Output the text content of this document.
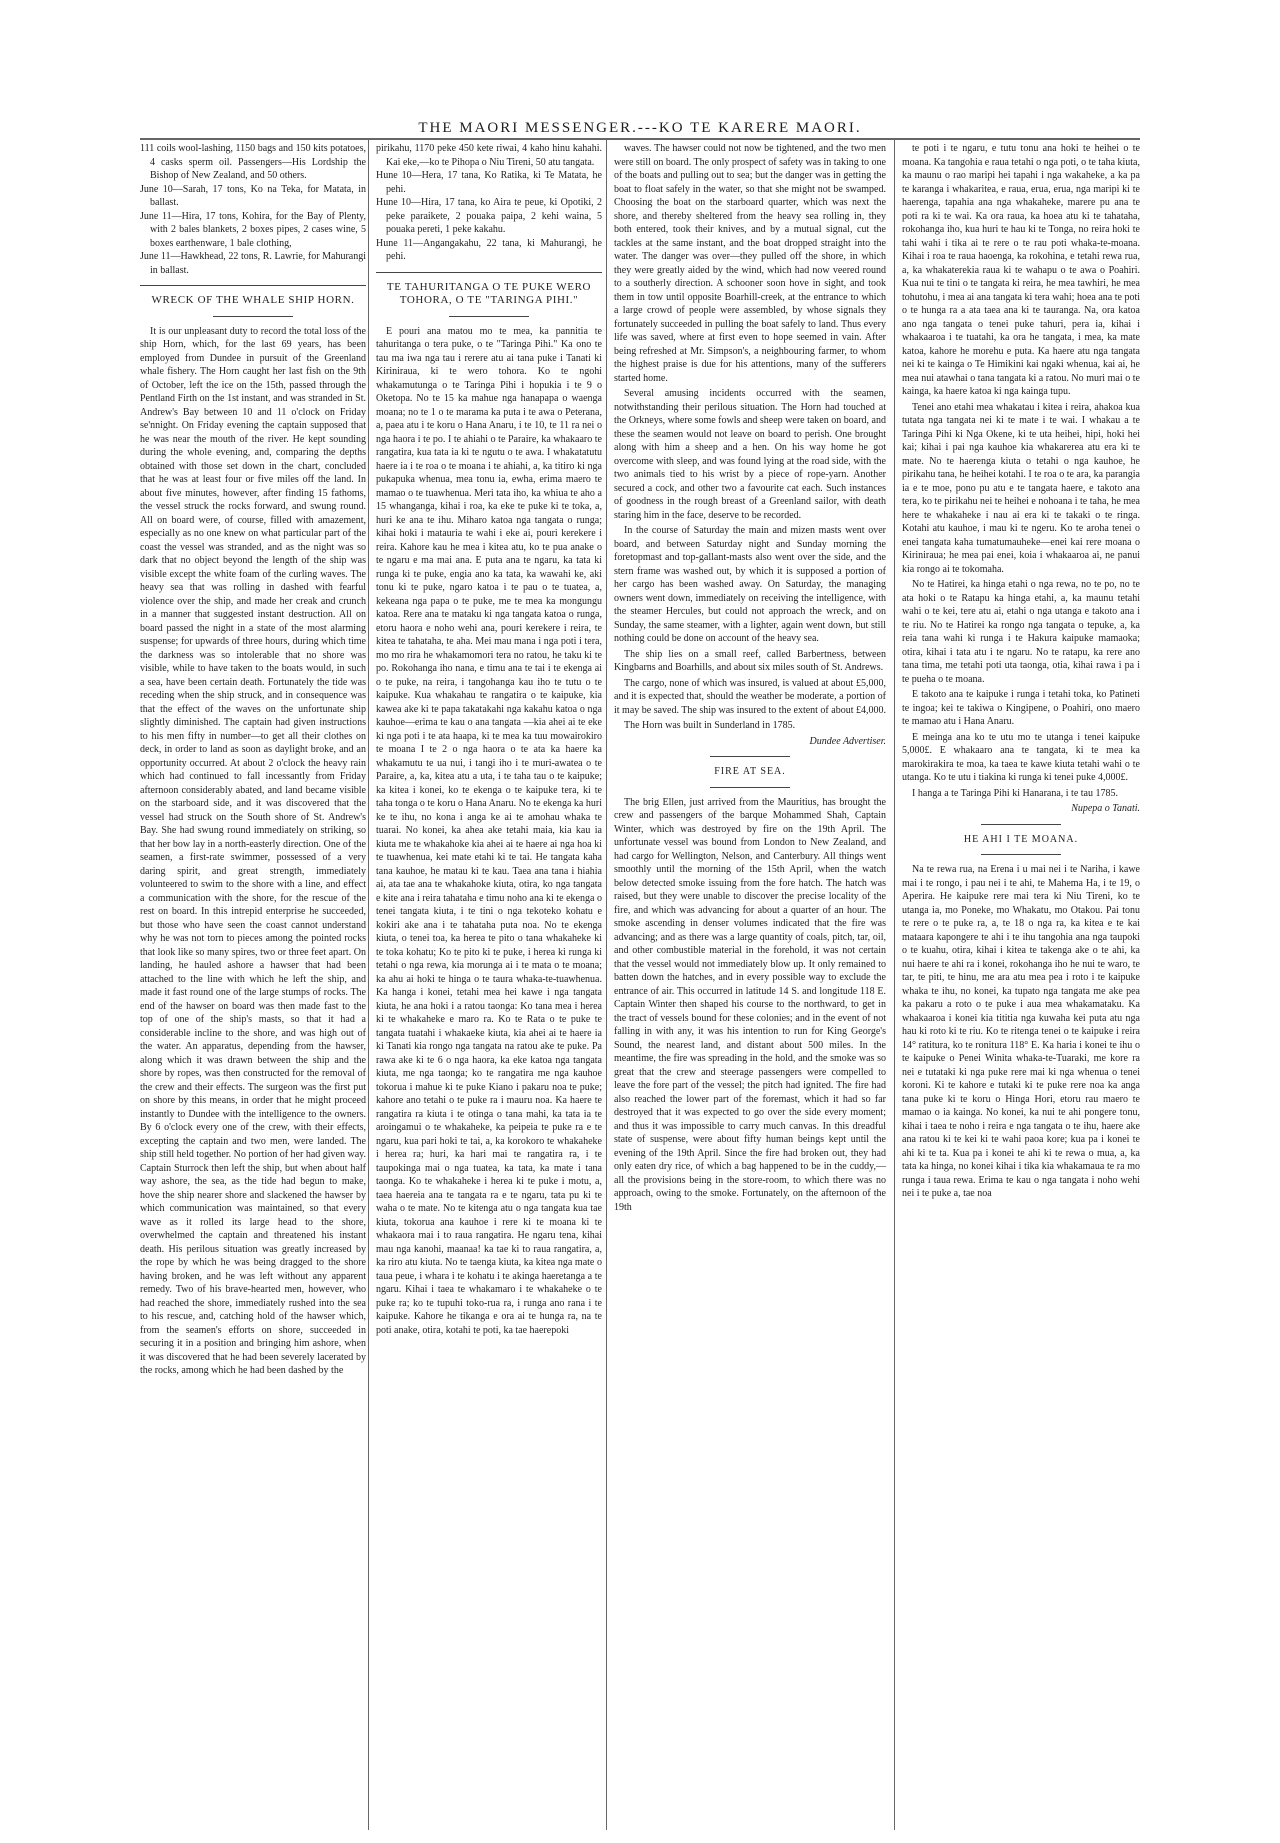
THE MAORI MESSENGER.---KO TE KARERE MAORI.

111 coils wool-lashing, 1150 bags and 150 kits potatoes, 4 casks sperm oil. Passengers—His Lordship the Bishop of New Zealand, and 50 others.

June 10—Sarah, 17 tons, Ko na Teka, for Matata, in ballast.

June 11—Hira, 17 tons, Kohira, for the Bay of Plenty, with 2 bales blankets, 2 boxes pipes, 2 cases wine, 5 boxes earthenware, 1 bale clothing,

June 11—Hawkhead, 22 tons, R. Lawrie, for Mahurangi in ballast.

WRECK OF THE WHALE SHIP HORN.

It is our unpleasant duty to record the total loss of the ship Horn, which, for the last 69 years, has been employed from Dundee in pursuit of the Greenland whale fishery. The Horn caught her last fish on the 9th of October, left the ice on the 15th, passed through the Pentland Firth on the 1st instant, and was stranded in St. Andrew's Bay between 10 and 11 o'clock on Friday se'nnight. On Friday evening the captain supposed that he was near the mouth of the river. He kept sounding during the whole evening, and, comparing the depths obtained with those set down in the chart, concluded that he was at least four or five miles off the land. In about five minutes, however, after finding 15 fathoms, the vessel struck the rocks forward, and swung round. All on board were, of course, filled with amazement, especially as no one knew on what particular part of the coast the vessel was stranded, and as the night was so dark that no object beyond the length of the ship was visible except the white foam of the curling waves. The heavy sea that was rolling in dashed with fearful violence over the ship, and made her creak and crunch in a manner that suggested instant destruction. All on board passed the night in a state of the most alarming suspense; for upwards of three hours, during which time the darkness was so intolerable that no shore was visible, while to have taken to the boats would, in such a sea, have been certain death. Fortunately the tide was receding when the ship struck, and in consequence was that the effect of the waves on the unfortunate ship slightly diminished. The captain had given instructions to his men fifty in number—to get all their clothes on deck, in order to land as soon as daylight broke, and an opportunity occurred. At about 2 o'clock the heavy rain which had continued to fall incessantly from Friday afternoon considerably abated, and land became visible on the starboard side, and it was discovered that the vessel had struck on the South shore of St. Andrew's Bay. She had swung round immediately on striking, so that her bow lay in a north-easterly direction. One of the seamen, a first-rate swimmer, possessed of a very daring spirit, and great strength, immediately volunteered to swim to the shore with a line, and effect a communication with the shore, for the rescue of the rest on board. In this intrepid enterprise he succeeded, but those who have seen the coast cannot understand why he was not torn to pieces among the pointed rocks that look like so many spires, two or three feet apart. On landing, he hauled ashore a hawser that had been attached to the line with which he left the ship, and made it fast round one of the large stumps of rocks. The end of the hawser on board was then made fast to the top of one of the ship's masts, so that it had a considerable incline to the shore, and was high out of the water. An apparatus, depending from the hawser, along which it was drawn between the ship and the shore by ropes, was then constructed for the removal of the crew and their effects. The surgeon was the first put on shore by this means, in order that he might proceed instantly to Dundee with the intelligence to the owners. By 6 o'clock every one of the crew, with their effects, excepting the captain and two men, were landed. The ship still held together. No portion of her had given way. Captain Sturrock then left the ship, but when about half way ashore, the sea, as the tide had begun to make, hove the ship nearer shore and slackened the hawser by which communication was maintained, so that every wave as it rolled its large head to the shore, overwhelmed the captain and threatened his instant death. His perilous situation was greatly increased by the rope by which he was being dragged to the shore having broken, and he was left without any apparent remedy. Two of his brave-hearted men, however, who had reached the shore, immediately rushed into the sea to his rescue, and, catching hold of the hawser which, from the seamen's efforts on shore, succeeded in securing it in a position and bringing him ashore, when it was discovered that he had been severely lacerated by the rocks, among which he had been dashed by the

pirikahu, 1170 peke 450 kete riwai, 4 kaho hinu kahahi. Kai eke,—ko te Pihopa o Niu Tireni, 50 atu tangata.

Hune 10—Hera, 17 tana, Ko Ratika, ki Te Matata, he pehi.

Hune 10—Hira, 17 tana, ko Aira te peue, ki Opotiki, 2 peke paraikete, 2 pouaka paipa, 2 kehi waina, 5 pouaka pereti, 1 peke kakahu.

Hune 11—Angangakahu, 22 tana, ki Mahurangi, he pehi.

TE TAHURITANGA O TE PUKE WERO TOHORA, O TE "TARINGA PIHI."

E pouri ana matou mo te mea, ka pannitia te tahuritanga o tera puke, o te "Taringa Pihi." Ka ono te tau ma iwa nga tau i rerere atu ai tana puke i Tanati ki Kiriniraua, ki te wero tohora. Ko te ngohi whakamutunga o te Taringa Pihi i hopukia i te 9 o Oketopa. No te 15 ka mahue nga hanapapa o waenga moana; no te 1 o te marama ka puta i te awa o Peterana, a, paea atu i te koru o Hana Anaru, i te 10, te 11 ra nei o nga haora i te po. I te ahiahi o te Paraire, ka whakaaro te rangatira, kua tata ia ki te ngutu o te awa. I whakatatutu haere ia i te roa o te moana i te ahiahi, a, ka titiro ki nga pukapuka whenua, mea tonu ia, ewha, erima maero te mamao o te tuawhenua. Meri tata iho, ka whiua te aho a 15 whanganga, kihai i roa, ka eke te puke ki te toka, a, huri ke ana te ihu. Miharo katoa nga tangata o runga; kihai hoki i matauria te wahi i eke ai, pouri kerekere i reira. Kahore kau he mea i kitea atu, ko te pua anake o te ngaru e ma mai ana. E puta ana te ngaru, ka tata ki runga ki te puke, engia ano ka tata, ka wawahi ke, aki tonu ki te puke, ngaro katoa i te pau o te tuatea, a, kekeana nga papa o te puke, me te mea ka mongungu katoa. Rere ana te mataku ki nga tangata katoa o runga, etoru haora e noho wehi ana, pouri kerekere i reira, te kitea te tahataha, te aha. Mei mau mana i nga poti i tera, mo mo rira he whakamomori tera no ratou, he taku ki te po. Rokohanga iho nana, e timu ana te tai i te ekenga ai o te puke, na reira, i tangohanga kau iho te tutu o te kaipuke. Kua whakahau te rangatira o te kaipuke, kia kawea ake ki te papa takatakahi nga kakahu katoa o nga kauhoe—erima te kau o ana tangata —kia ahei ai te eke ki nga poti i te ata haapa, ki te mea ka tuu mowairokiro te moana I te 2 o nga haora o te ata ka haere ka whakamutu te ua nui, i tangi iho i te muri-awatea o te Paraire, a, ka, kitea atu a uta, i te taha tau o te kaipuke; ka kitea i konei, ko te ekenga o te kaipuke tera, ki te taha tonga o te koru o Hana Anaru. No te ekenga ka huri ke te ihu, no kona i anga ke ai te amohau whaka te tuarai. No konei, ka ahea ake tetahi maia, kia kau ia kiuta me te whakahoke kia ahei ai te haere ai nga hoa ki te tuawhenua, kei mate etahi ki te tai. He tangata kaha tana kauhoe, he matau ki te kau. Taea ana tana i hiahia ai, ata tae ana te whakahoke kiuta, otira, ko nga tangata e kite ana i reira tahataha e timu noho ana ki te ekenga o tenei tangata kiuta, i te tini o nga tekoteko kohatu e kokiri ake ana i te tahataha puta noa. No te ekenga kiuta, o tenei toa, ka herea te pito o tana whakaheke ki te toka kohatu; Ko te pito ki te puke, i herea ki runga ki tetahi o nga rewa, kia morunga ai i te mata o te moana; ka ahu ai hoki te hinga o te taura whaka-te-tuawhenua. Ka hanga i konei, tetahi mea hei kawe i nga tangata kiuta, he ana hoki i a ratou taonga: Ko tana mea i herea ki te whakaheke e maro ra. Ko te Rata o te puke te tangata tuatahi i whakaeke kiuta, kia ahei ai te haere ia ki Tanati kia rongo nga tangata na ratou ake te puke. Pa rawa ake ki te 6 o nga haora, ka eke katoa nga tangata kiuta, me nga taonga; ko te rangatira me nga kauhoe tokorua i mahue ki te puke Kiano i pakaru noa te puke; kahore ano tetahi o te puke ra i mauru noa. Ka haere te rangatira ra kiuta i te otinga o tana mahi, ka tata ia te aroingamui o te whakaheke, ka peipeia te puke ra e te ngaru, kua pari hoki te tai, a, ka korokoro te whakaheke i herea ra; huri, ka hari mai te rangatira ra, i te taupokinga mai o nga tuatea, ka tata, ka mate i tana taonga. Ko te whakaheke i herea ki te puke i motu, a, taea haereia ana te tangata ra e te ngaru, tata pu ki te waha o te mate. No te kitenga atu o nga tangata kua tae kiuta, tokorua ana kauhoe i rere ki te moana ki te whakaora mai i to raua rangatira. He ngaru tena, kihai mau nga kanohi, maanaa! ka tae ki to raua rangatira, a, ka riro atu kiuta. No te taenga kiuta, ka kitea nga mate o taua peue, i whara i te kohatu i te akinga haeretanga a te ngaru. Kihai i taea te whakamaro i te whakaheke o te puke ra; ko te tupuhi toko-rua ra, i runga ano rana i te kaipuke. Kahore he tikanga e ora ai te hunga ra, na te poti anake, otira, kotahi te poti, ka tae haerepoki

waves. The hawser could not now be tightened, and the two men were still on board. The only prospect of safety was in taking to one of the boats and pulling out to sea; but the danger was in getting the boat to float safely in the water, so that she might not be swamped. Choosing the boat on the starboard quarter, which was next the shore, and thereby sheltered from the heavy sea rolling in, they both entered, took their knives, and by a mutual signal, cut the tackles at the same instant, and the boat dropped straight into the water. The danger was over—they pulled off the shore, in which they were greatly aided by the wind, which had now veered round to a southerly direction. A schooner soon hove in sight, and took them in tow until opposite Boarhill-creek, at the entrance to which a large crowd of people were assembled, by whose signals they fortunately succeeded in pulling the boat safely to land. Thus every life was saved, where at first even to hope seemed in vain. After being refreshed at Mr. Simpson's, a neighbouring farmer, to whom the highest praise is due for his attentions, many of the sufferers started home.

Several amusing incidents occurred with the seamen, notwithstanding their perilous situation. The Horn had touched at the Orkneys, where some fowls and sheep were taken on board, and these the seamen would not leave on board to perish. One brought along with him a sheep and a hen. On his way home he got overcome with sleep, and was found lying at the road side, with the two animals tied to his wrist by a piece of rope-yarn. Another secured a cock, and other two a favourite cat each. Such instances of goodness in the rough breast of a Greenland sailor, with death staring him in the face, deserve to be recorded.

In the course of Saturday the main and mizen masts went over board, and between Saturday night and Sunday morning the foretopmast and top-gallant-masts also went over the side, and the stern frame was washed out, by which it is supposed a portion of her cargo has been washed away. On Saturday, the managing owners went down, immediately on receiving the intelligence, with the steamer Hercules, but could not approach the wreck, and on Sunday, the same steamer, with a lighter, again went down, but still nothing could be done on account of the heavy sea.

The ship lies on a small reef, called Barbertness, between Kingbarns and Boarhills, and about six miles south of St. Andrews.

The cargo, none of which was insured, is valued at about £5,000, and it is expected that, should the weather be moderate, a portion of it may be saved. The ship was insured to the extent of about £4,000.

The Horn was built in Sunderland in 1785.

Dundee Advertiser.
FIRE AT SEA.

The brig Ellen, just arrived from the Mauritius, has brought the crew and passengers of the barque Mohammed Shah, Captain Winter, which was destroyed by fire on the 19th April. The unfortunate vessel was bound from London to New Zealand, and had cargo for Wellington, Nelson, and Canterbury. All things went smoothly until the morning of the 15th April, when the watch below detected smoke issuing from the fore hatch. The hatch was raised, but they were unable to discover the precise locality of the fire, and which was advancing for about a quarter of an hour. The smoke ascending in denser volumes indicated that the fire was advancing; and as there was a large quantity of coals, pitch, tar, oil, and other combustible material in the forehold, it was not certain that the vessel would not immediately blow up. It only remained to batten down the hatches, and in every possible way to exclude the entrance of air. This occurred in latitude 14 S. and longitude 118 E. Captain Winter then shaped his course to the northward, to get in the tract of vessels bound for these colonies; and in the event of not falling in with any, it was his intention to run for King George's Sound, the nearest land, and distant about 500 miles. In the meantime, the fire was spreading in the hold, and the smoke was so great that the crew and steerage passengers were compelled to leave the fore part of the vessel; the pitch had ignited. The fire had also reached the lower part of the foremast, which it had so far destroyed that it was expected to go over the side every moment; and thus it was impossible to carry much canvas. In this dreadful state of suspense, were about fifty human beings kept until the evening of the 19th April. Since the fire had broken out, they had only eaten dry rice, of which a bag happened to be in the cuddy,—all the provisions being in the store-room, to which there was no approach, owing to the smoke. Fortunately, on the afternoon of the 19th

te poti i te ngaru, e tutu tonu ana hoki te heihei o te moana. Ka tangohia e raua tetahi o nga poti, o te taha kiuta, ka maunu o rao maripi hei tapahi i nga wakaheke, a ka pa te karanga i whakaritea, e raua, erua, erua, nga maripi ki te haerenga, tapahia ana nga whakaheke, marere pu ana te poti ra ki te wai. Ka ora raua, ka hoea atu ki te tahataha, rokohanga iho, kua huri te hau ki te Tonga, no reira hoki te tahi wahi i tika ai te rere o te rau poti whaka-te-moana. Kihai i roa te rauа haoenga, ka rokohina, e tetahi rewa rua, a, ka whakaterekia raua ki te wahapu o te awa o Poahiri. Kua nui te tini o te tangata ki reira, he mea tawhiri, he mea tohutohu, i mea ai ana tangata ki tera wahi; hoea ana te poti o te hunga ra a ata taea ana ki te tauranga. Na, ora katoa ano nga tangata o tenei puke tahuri, pera ia, kihai i whakaaroa i te tuatahi, ka ora he tangata, i mea, ka mate katoa, kahore he morehu e puta. Ka haere atu nga tangata nei ki te kainga o Te Himikini kai ngaki whenua, kai ai, he mea nui atawhai o tana tangata ki a ratou. No muri mai o te kainga, ka haere katoa ki nga kainga tupu.

Tenei ano etahi mea whakatau i kitea i reira, ahakoa kua tutata nga tangata nei ki te mate i te wai. I whakau a te Taringa Pihi ki Nga Okene, ki te uta heihei, hipi, hoki hei kai; kihai i pai nga kauhoe kia whakarerea atu era ki te mate. No te haerenga kiuta o tetahi o nga kauhoe, he pirikahu tana, he heihei kotahi. I te roa o te ara, ka parangia ia e te moe, pono pu atu e te tangata haere, e takoto ana tera, ko te pirikahu nei te heihei e nohoana i te taha, he mea here te whakaheke i nau ai era ki te takaki o te ringa. Kotahi atu kauhoe, i mau ki te ngeru. Ko te aroha tenei o enei tangata kaha tumatumauheke—enei kai rere moana o Kiriniraua; he mea pai enei, koia i whakaaroa ai, ne panui kia rongo ai te tokomaha.

No te Hatirei, ka hinga etahi o nga rewa, no te po, no te ata hoki o te Ratapu ka hinga etahi, a, ka maunu tetahi wahi o te kei, tere atu ai, etahi o nga utanga e takoto ana i te riu. No te Hatirei ka rongo nga tangata o tepuke, a, ka reia tana wahi ki runga i te Hakura kaipuke mamaoka; otira, kihai i tata atu i te ngaru. No te ratapu, ka rere ano tana tima, me tetahi poti uta taonga, otia, kihai rawa i pa i te pueha o te moana.

E takoto ana te kaipuke i runga i tetahi toka, ko Patineti te ingoa; kei te takiwa o Kingipene, o Poahiri, ono maero te mamao atu i Hana Anaru.

E meinga ana ko te utu mo te utanga i tenei kaipuke 5,000£. E whakaaro ana te tangata, ki te mea ka marokirakira te moa, ka taea te kawe kiuta tetahi wahi o te utanga. Ko te utu i tiakina ki runga ki tenei puke 4,000£.

I hanga a te Taringa Pihi ki Hanarana, i te tau 1785.

Nupepa o Tanati.
HE AHI I TE MOANA.

Na te rewa rua, na Erena i u mai nei i te Nariha, i kawe mai i te rongo, i pau nei i te ahi, te Mahema Ha, i te 19, o Aperira. He kaipuke rere mai tera ki Niu Tireni, ko te utanga ia, mo Poneke, mo Whakatu, mo Otakou. Pai tonu te rere o te puke ra, a, te 18 o nga ra, ka kitea e te kai mataara kapongere te ahi i te ihu tangohia ana nga taupoki o te kuahu, otira, kihai i kitea te takenga ake o te ahi, ka nui haere te ahi ra i konei, rokohanga iho he nui te waro, te tar, te piti, te hinu, me ara atu mea pea i roto i te kaipuke whaka te ihu, no konei, ka tupato nga tangata me ake pea ka pakaru a roto o te puke i aua mea whakamataku. Ka whakaaroa i konei kia tititia nga kuwaha kei puta atu nga hau ki roto ki te riu. Ko te ritenga tenei o te kaipuke i reira 14° ratitura, ko te ronitura 118° E. Ka haria i konei te ihu o te kaipuke o Penei Winita whaka-te-Tuaraki, me kore ra nei e tutataki ki nga puke rere mai ki nga whenua o tenei koroni. Ki te kahore e tutaki ki te puke rere noa ka anga tana puke ki te koru o Hinga Hori, etoru rau maero te mamao o ia kainga. No konei, ka nui te ahi pongere tonu, kihai i taea te noho i reira e nga tangata o te ihu, haere ake ana ratou ki te kei ki te wahi paoa kore; kua pa i konei te ahi ki te ta. Kua pa i konei te ahi ki te rewa o mua, a, ka tata ka hinga, no konei kihai i tika kia whakamaua te ra mo runga i taua rewa. Erima te kau o nga tangata i noho wehi nei i te puke a, tae noa
